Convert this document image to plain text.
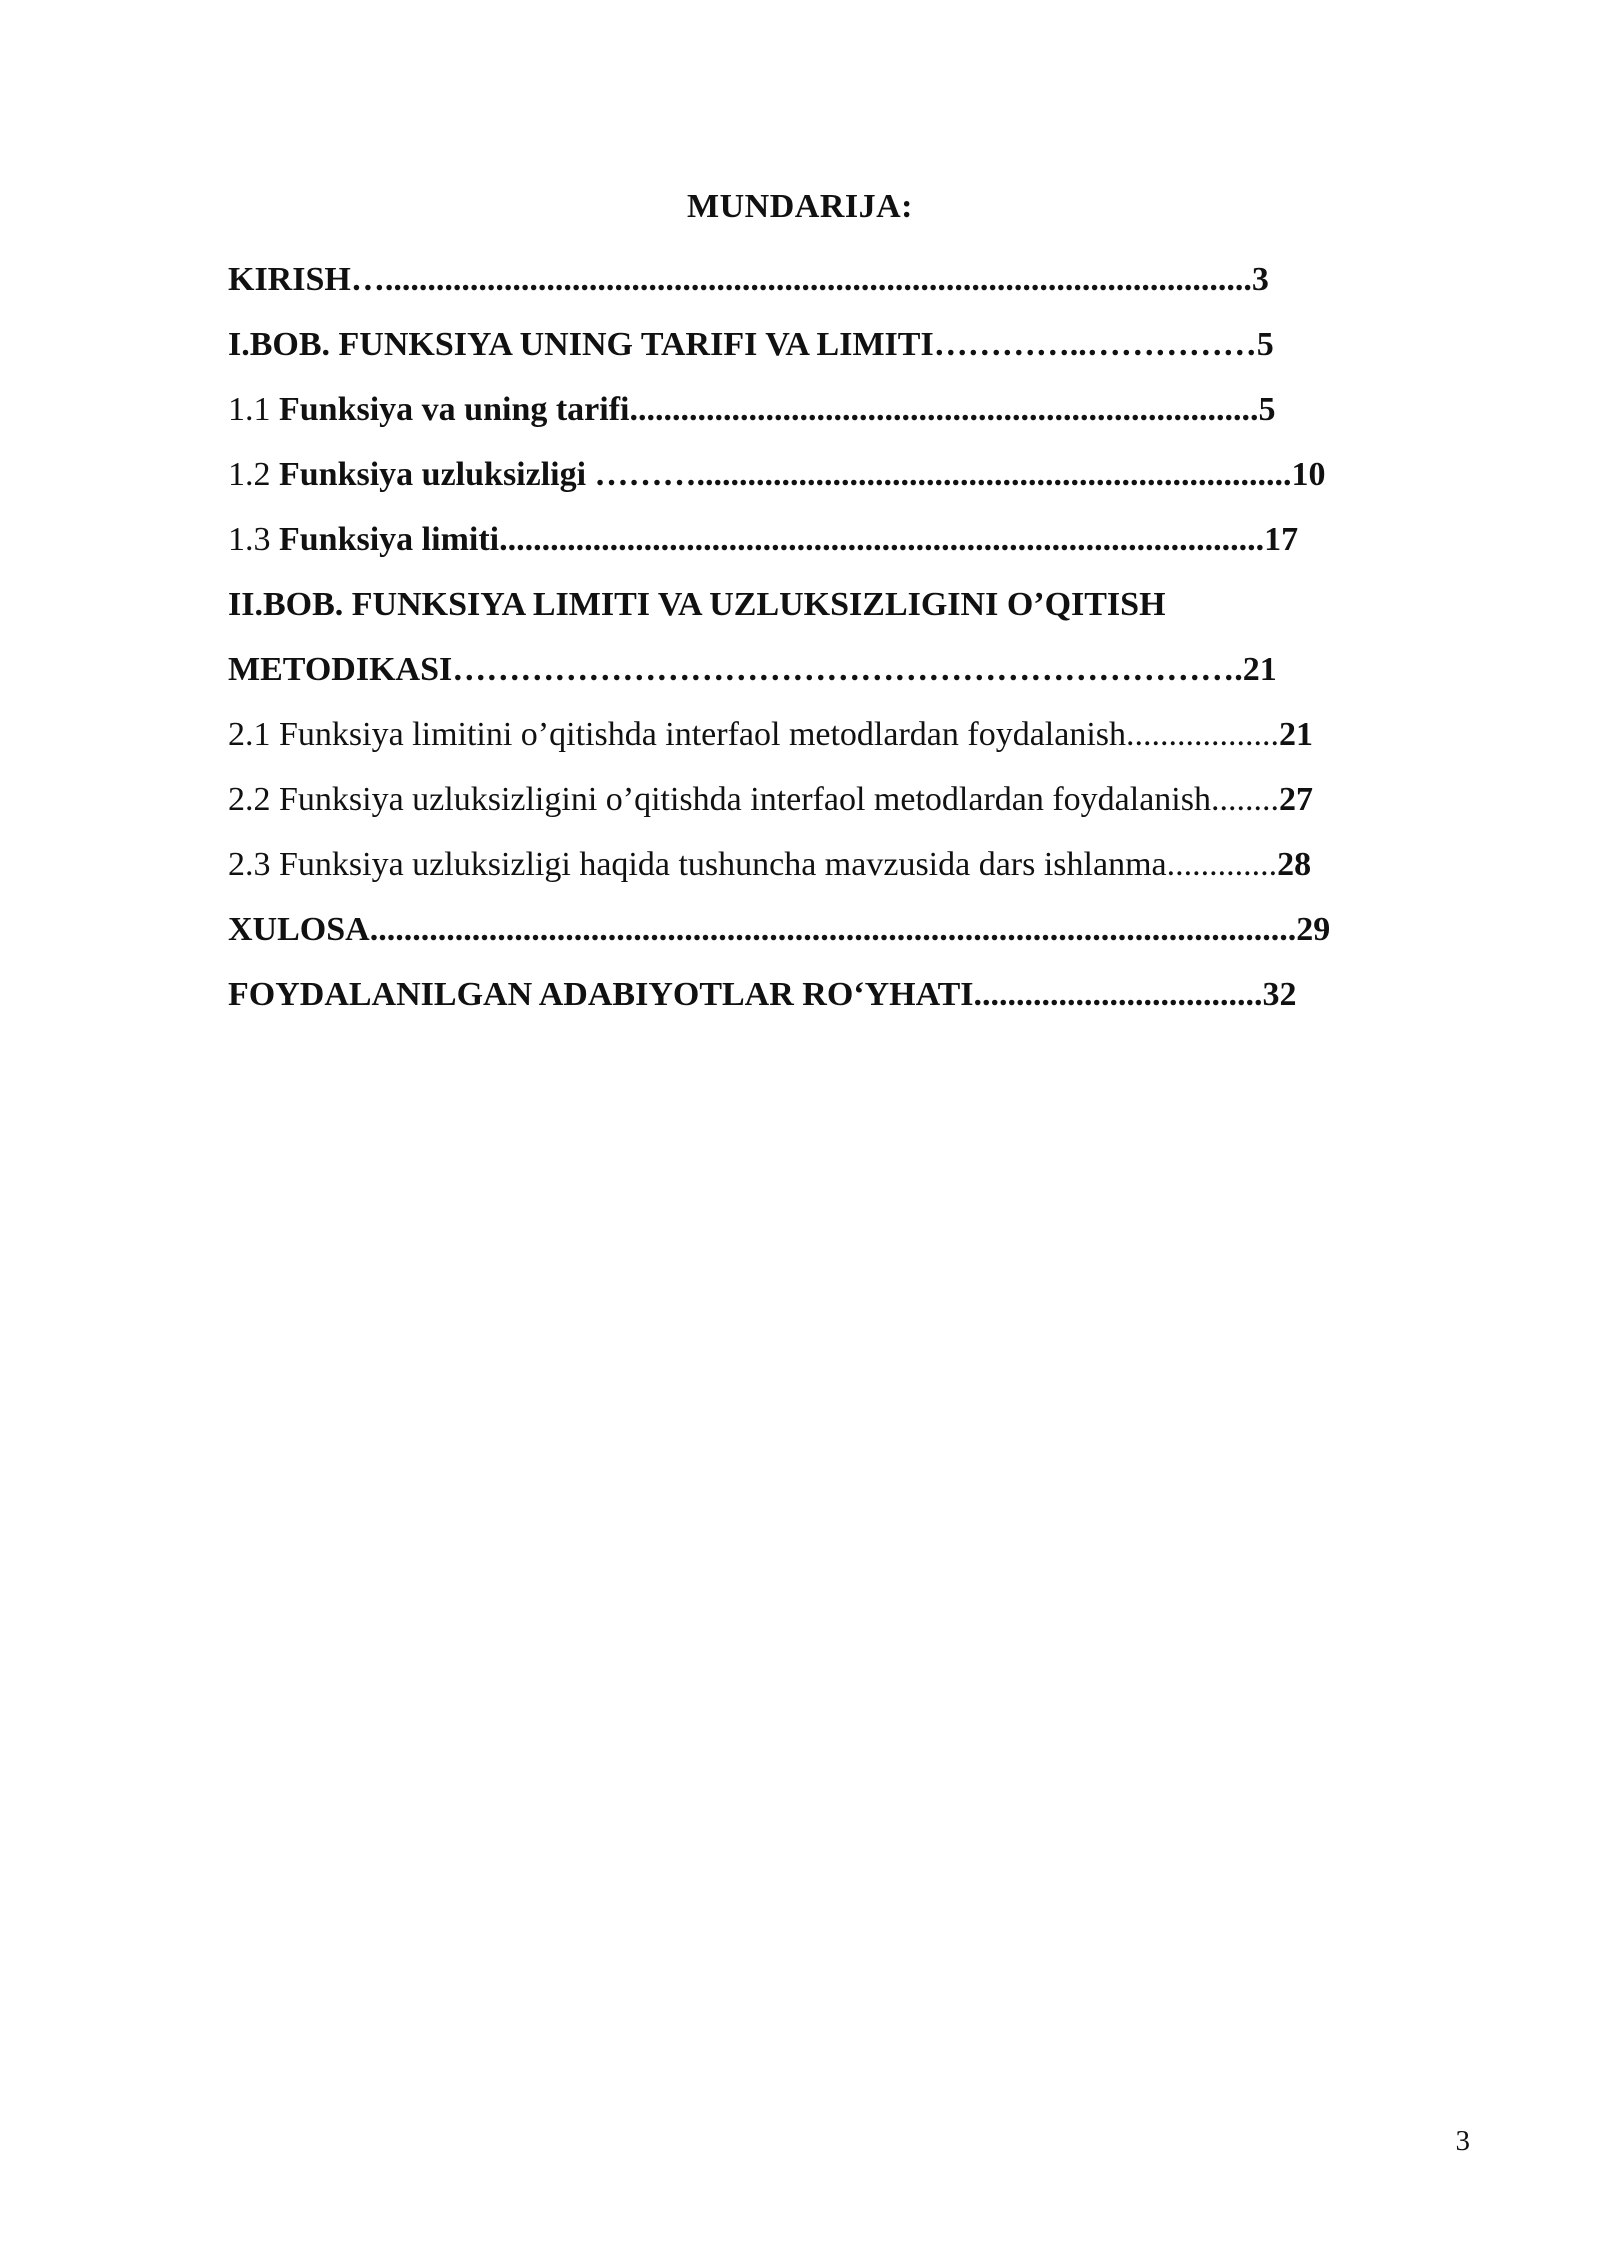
MUNDARIJA:
KIRISH…......................................................................................................3
I.BOB. FUNKSIYA UNING TARIFI VA LIMITI…………..……………5
1.1 Funksiya va uning tarifi..........................................................................5
1.2 Funksiya uzluksizligi ………......................................................................10
1.3 Funksiya limiti..........................................................................................17
II.BOB. FUNKSIYA LIMITI VA UZLUKSIZLIGINI O’QITISH
METODIKASI…………………………………………………………….21
2.1 Funksiya limitini o’qitishda interfaol metodlardan foydalanish..................21
2.2 Funksiya uzluksizligini o’qitishda interfaol metodlardan foydalanish........27
2.3 Funksiya uzluksizligi haqida tushuncha mavzusida dars ishlanma.............28
XULOSA.............................................................................................................29
FOYDALANILGAN ADABIYOTLAR RO‘YHATI..................................32
3
